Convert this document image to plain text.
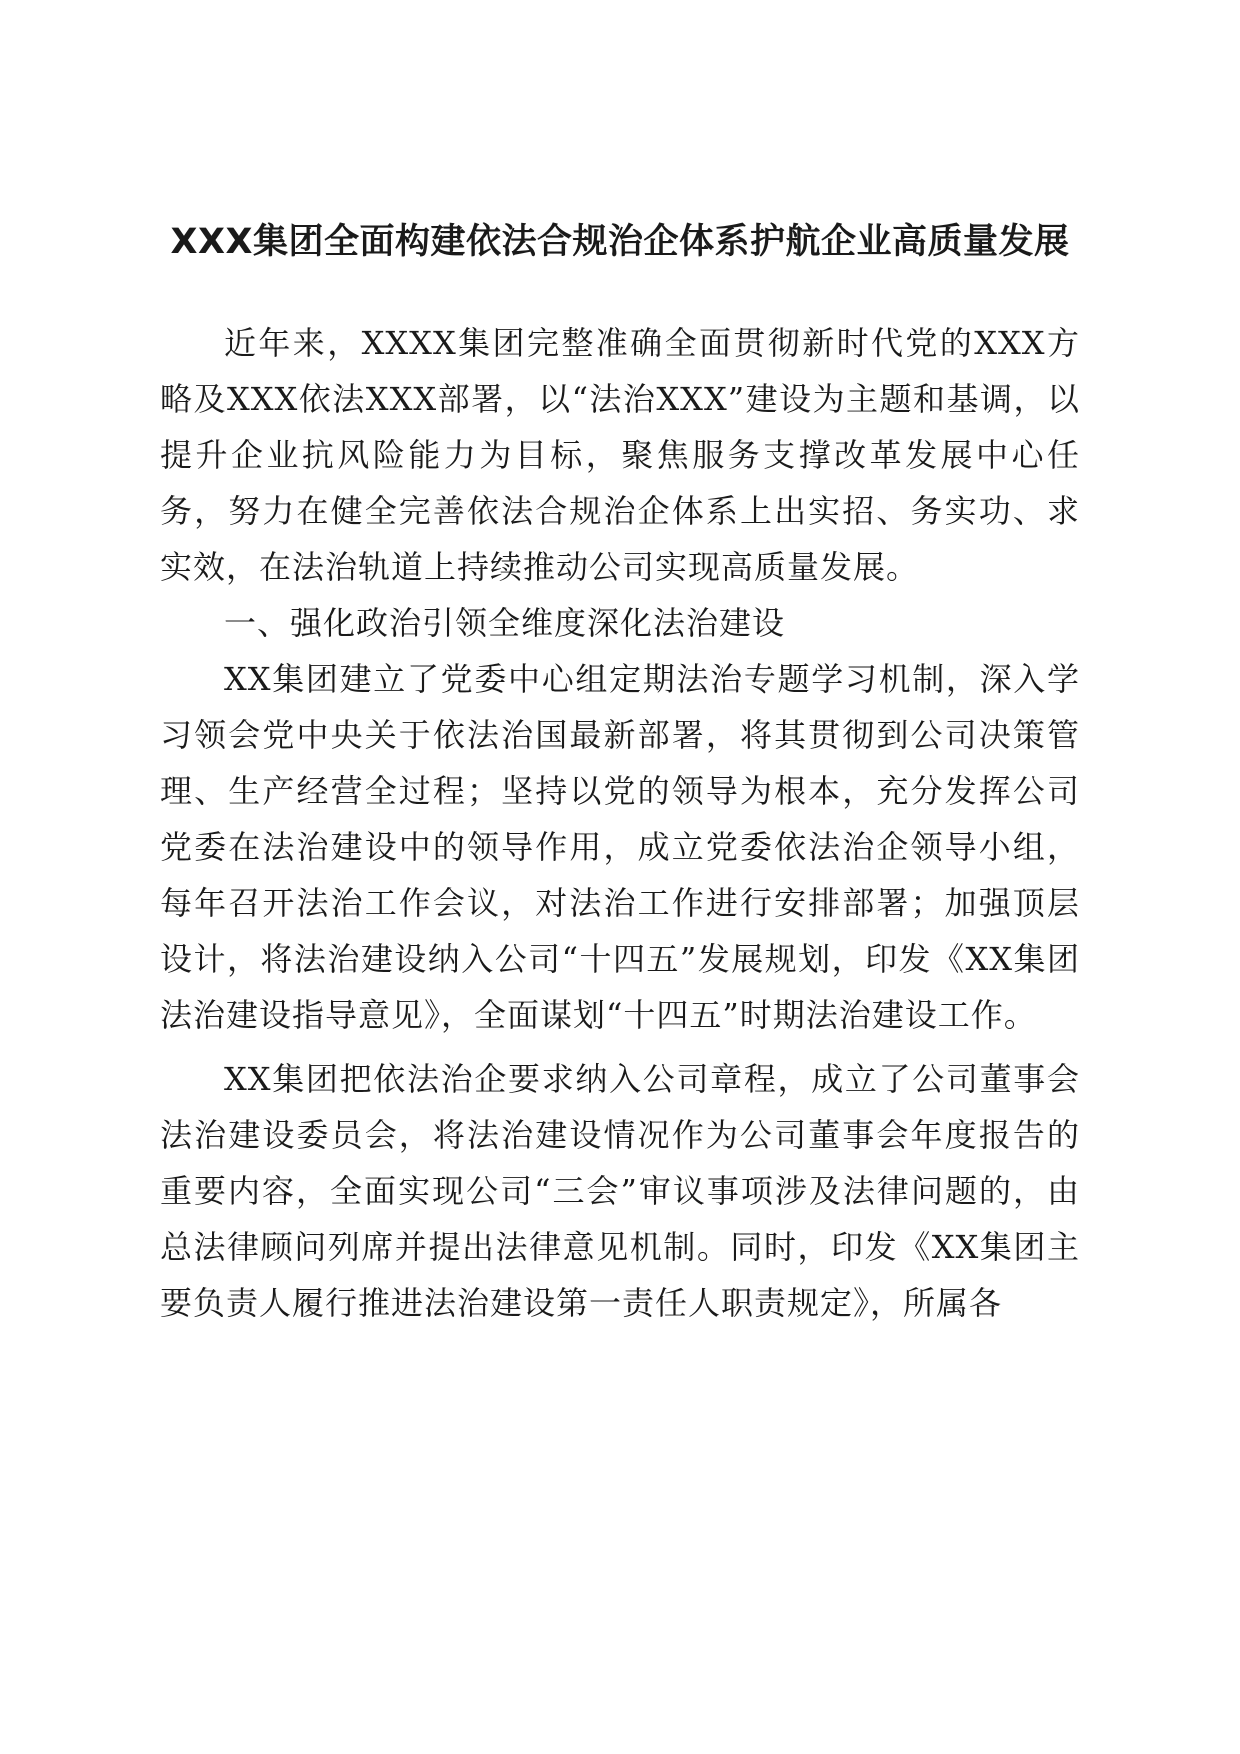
XXX集团全面构建依法合规治企体系护航企业高质量发展

近年来，XXXX集团完整准确全面贯彻新时代党的XXX方略及XXX依法XXX部署，以“法治XXX”建设为主题和基调，以提升企业抗风险能力为目标，聚焦服务支撑改革发展中心任务，努力在健全完善依法合规治企体系上出实招、务实功、求实效，在法治轨道上持续推动公司实现高质量发展。

一、强化政治引领全维度深化法治建设

XX集团建立了党委中心组定期法治专题学习机制，深入学习领会党中央关于依法治国最新部署，将其贯彻到公司决策管理、生产经营全过程；坚持以党的领导为根本，充分发挥公司党委在法治建设中的领导作用，成立党委依法治企领导小组，每年召开法治工作会议，对法治工作进行安排部署；加强顶层设计，将法治建设纳入公司“十四五”发展规划，印发《XX集团法治建设指导意见》，全面谋划“十四五”时期法治建设工作。

XX集团把依法治企要求纳入公司章程，成立了公司董事会法治建设委员会，将法治建设情况作为公司董事会年度报告的重要内容，全面实现公司“三会”审议事项涉及法律问题的，由总法律顾问列席并提出法律意见机制。同时，印发《XX集团主要负责人履行推进法治建设第一责任人职责规定》，所属各
